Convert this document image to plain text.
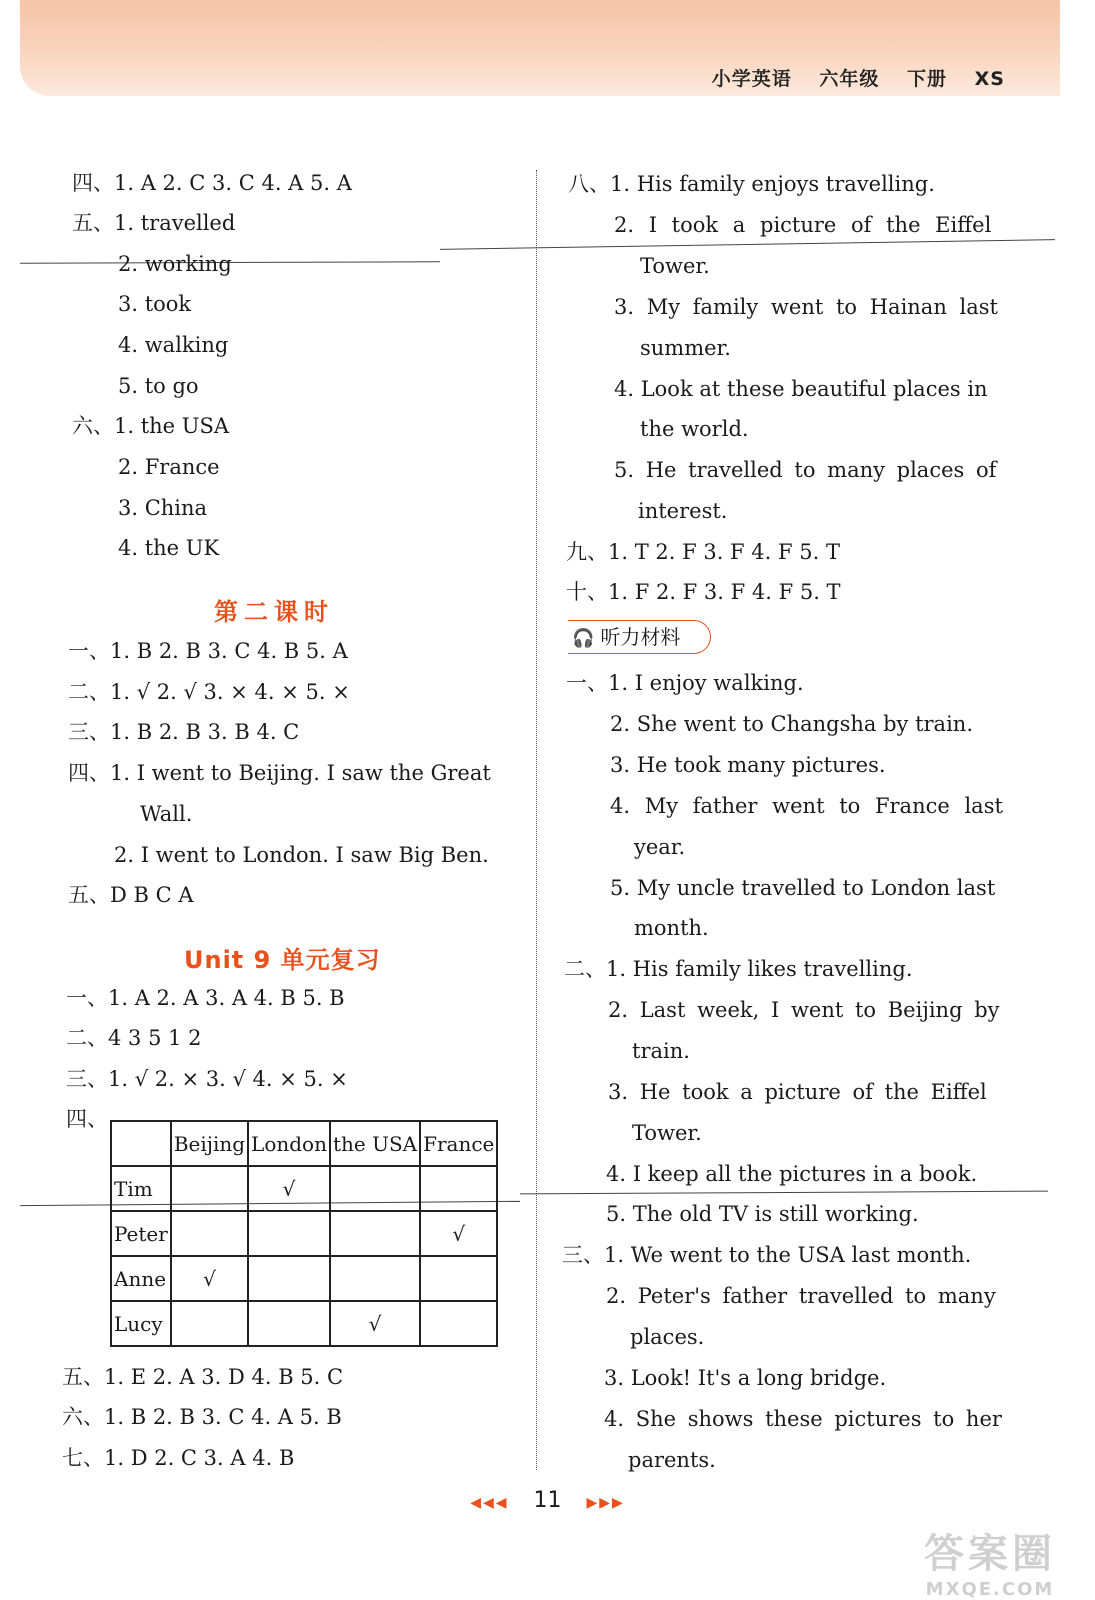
小学英语 六年级 下册 XS
四、1. A 2. C 3. C 4. A 5. A
五、1. travelled
2. working
3. took
4. walking
5. to go
六、1. the USA
2. France
3. China
4. the UK
第二课时
一、1. B 2. B 3. C 4. B 5. A
二、1. √ 2. √ 3. × 4. × 5. ×
三、1. B 2. B 3. B 4. C
四、1. I went to Beijing. I saw the Great
Wall.
2. I went to London. I saw Big Ben.
五、D B C A
Unit 9 单元复习
一、1. A 2. A 3. A 4. B 5. B
二、4 3 5 1 2
三、1. √ 2. × 3. √ 4. × 5. ×
四、
	Beijing	London	the USA	France
Tim		√		
Peter				√
Anne	√			
Lucy			√	
五、1. E 2. A 3. D 4. B 5. C
六、1. B 2. B 3. C 4. A 5. B
七、1. D 2. C 3. A 4. B
八、1. His family enjoys travelling.
2. I took a picture of the Eiffel
Tower.
3. My family went to Hainan last
summer.
4. Look at these beautiful places in
the world.
5. He travelled to many places of
interest.
九、1. T 2. F 3. F 4. F 5. T
十、1. F 2. F 3. F 4. F 5. T
🎧 听力材料
一、1. I enjoy walking.
2. She went to Changsha by train.
3. He took many pictures.
4. My father went to France last
year.
5. My uncle travelled to London last
month.
二、1. His family likes travelling.
2. Last week, I went to Beijing by
train.
3. He took a picture of the Eiffel
Tower.
4. I keep all the pictures in a book.
5. The old TV is still working.
三、1. We went to the USA last month.
2. Peter's father travelled to many
places.
3. Look! It's a long bridge.
4. She shows these pictures to her
parents.
◀◀◀ 11 ▶▶▶
答案圈
MXQE.COM
